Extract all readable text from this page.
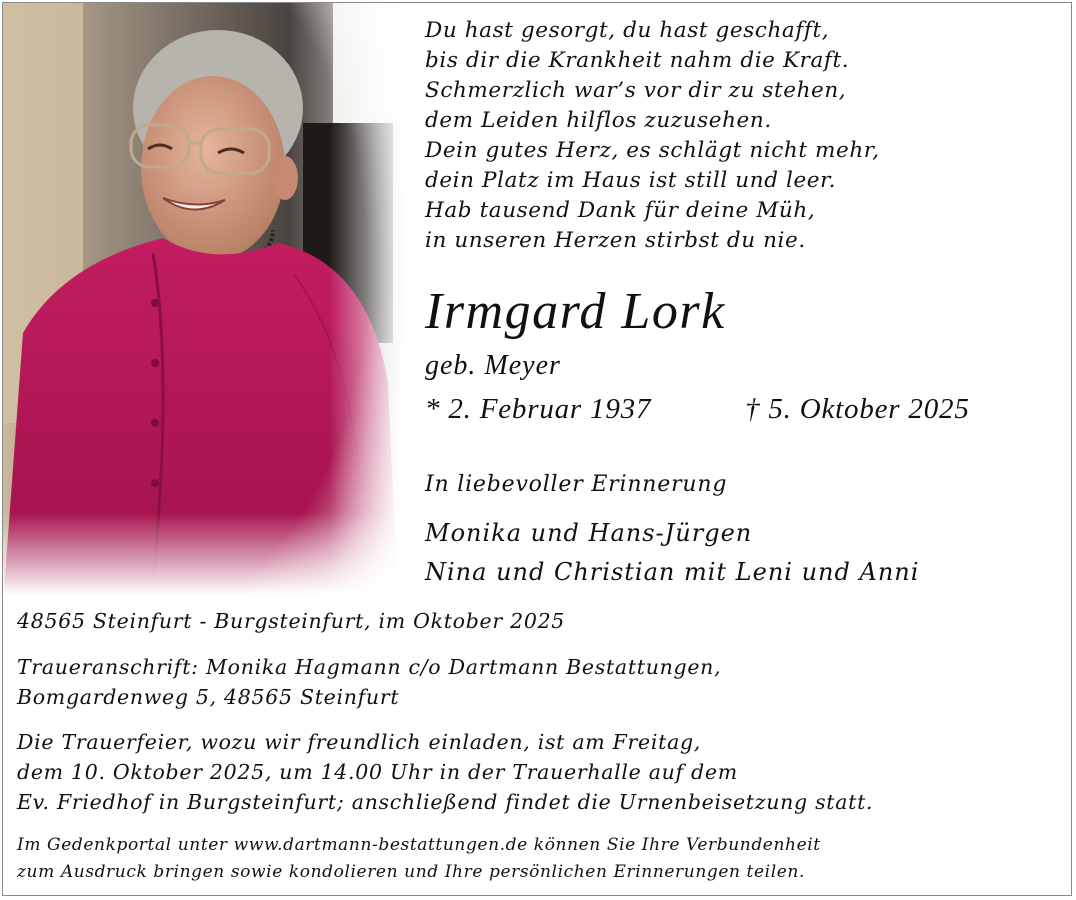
Du hast gesorgt, du hast geschafft,
bis dir die Krankheit nahm die Kraft.
Schmerzlich war’s vor dir zu stehen,
dem Leiden hilflos zuzusehen.
Dein gutes Herz, es schlägt nicht mehr,
dein Platz im Haus ist still und leer.
Hab tausend Dank für deine Müh,
in unseren Herzen stirbst du nie.
Irmgard Lork
geb. Meyer
* 2. Februar 1937	† 5. Oktober 2025
In liebevoller Erinnerung
Monika und Hans-Jürgen
Nina und Christian mit Leni und Anni
48565 Steinfurt - Burgsteinfurt, im Oktober 2025
Traueranschrift: Monika Hagmann c/o Dartmann Bestattungen,
Bomgardenweg 5, 48565 Steinfurt
Die Trauerfeier, wozu wir freundlich einladen, ist am Freitag,
dem 10. Oktober 2025, um 14.00 Uhr in der Trauerhalle auf dem
Ev. Friedhof in Burgsteinfurt; anschließend findet die Urnenbeisetzung statt.
Im Gedenkportal unter www.dartmann-bestattungen.de können Sie Ihre Verbundenheit
zum Ausdruck bringen sowie kondolieren und Ihre persönlichen Erinnerungen teilen.
